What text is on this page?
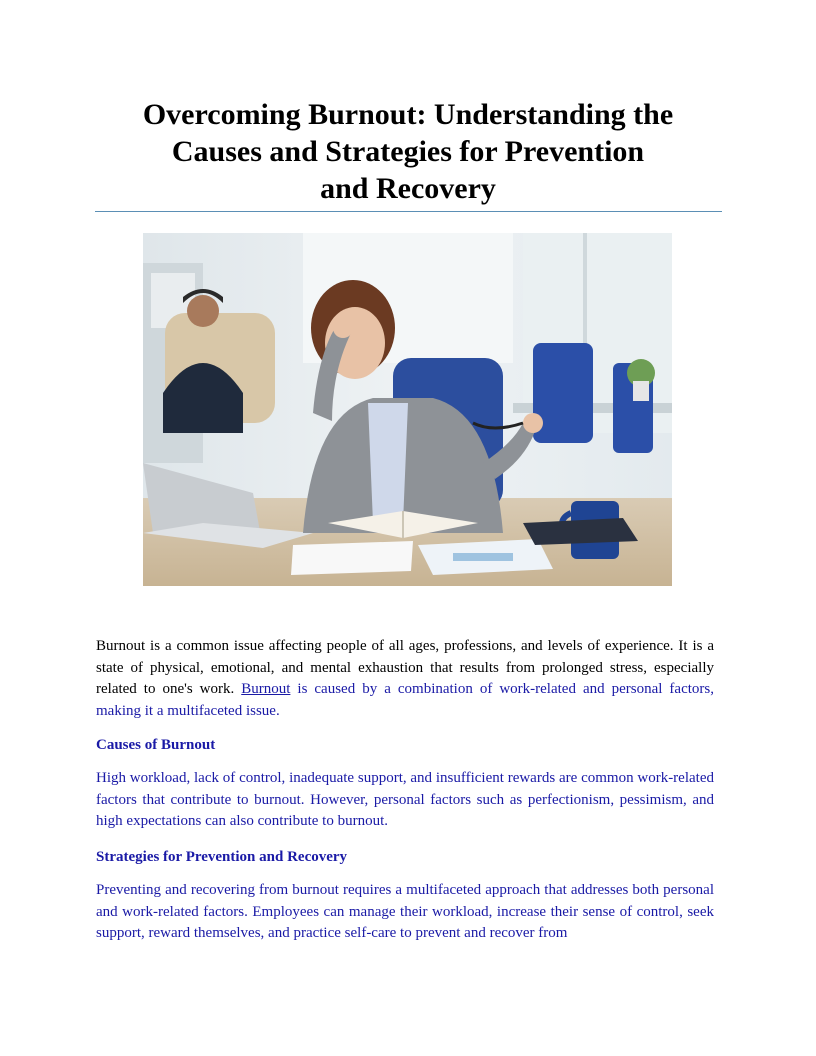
Overcoming Burnout: Understanding the
Causes and Strategies for Prevention
and Recovery

Burnout is a common issue affecting people of all ages, professions, and levels of experience. It is a state of physical, emotional, and mental exhaustion that results from prolonged stress, especially related to one's work. Burnout is caused by a combination of work-related and personal factors, making it a multifaceted issue.

Causes of Burnout

High workload, lack of control, inadequate support, and insufficient rewards are common work-related factors that contribute to burnout. However, personal factors such as perfectionism, pessimism, and high expectations can also contribute to burnout.

Strategies for Prevention and Recovery

Preventing and recovering from burnout requires a multifaceted approach that addresses both personal and work-related factors. Employees can manage their workload, increase their sense of control, seek support, reward themselves, and practice self-care to prevent and recover from
